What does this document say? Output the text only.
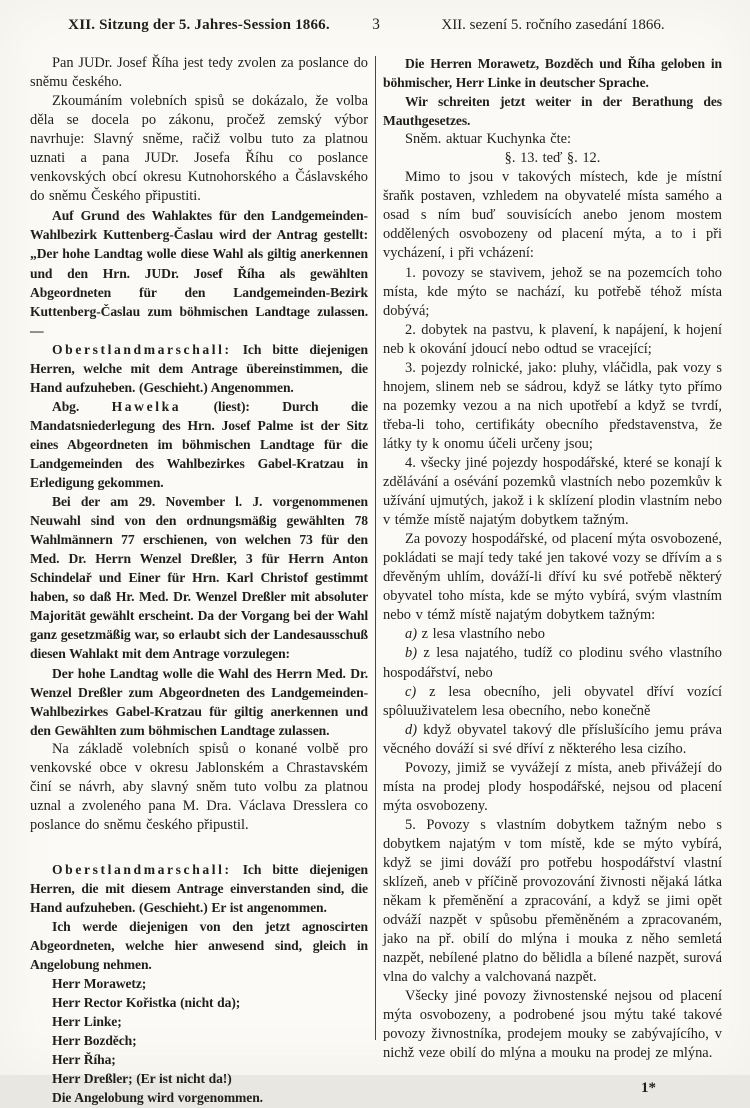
XII. Sitzung der 5. Jahres-Session 1866.	3	XII. sezení 5. ročního zasedání 1866.

Pan JUDr. Josef Říha jest tedy zvolen za poslance do sněmu českého.

Zkoumáním volebních spisů se dokázalo, že volba děla se docela po zákonu, pročež zemský výbor navrhuje: Slavný sněme, račiž volbu tuto za platnou uznati a pana JUDr. Josefa Říhu co poslance venkovských obcí okresu Kutnohorského a Čáslavského do sněmu Českého připustiti.

Auf Grund des Wahlaktes für den Landgemeinden-Wahlbezirk Kuttenberg-Časlau wird der Antrag gestellt: „Der hohe Landtag wolle diese Wahl als giltig anerkennen und den Hrn. JUDr. Josef Říha als gewählten Abgeordneten für den Landgemeinden-Bezirk Kuttenberg-Časlau zum böhmischen Landtage zulassen. —

Oberstlandmarschall: Ich bitte diejenigen Herren, welche mit dem Antrage übereinstimmen, die Hand aufzuheben. (Geschieht.) Angenommen.

Abg. Hawelka (liest): Durch die Mandatsniederlegung des Hrn. Josef Palme ist der Sitz eines Abgeordneten im böhmischen Landtage für die Landgemeinden des Wahlbezirkes Gabel-Kratzau in Erledigung gekommen.

Bei der am 29. November l. J. vorgenommenen Neuwahl sind von den ordnungsmäßig gewählten 78 Wahlmännern 77 erschienen, von welchen 73 für den Med. Dr. Herrn Wenzel Dreßler, 3 für Herrn Anton Schindelař und Einer für Hrn. Karl Christof gestimmt haben, so daß Hr. Med. Dr. Wenzel Dreßler mit absoluter Majorität gewählt erscheint. Da der Vorgang bei der Wahl ganz gesetzmäßig war, so erlaubt sich der Landesausschuß diesen Wahlakt mit dem Antrage vorzulegen:

Der hohe Landtag wolle die Wahl des Herrn Med. Dr. Wenzel Dreßler zum Abgeordneten des Landgemeinden-Wahlbezirkes Gabel-Kratzau für giltig anerkennen und den Gewählten zum böhmischen Landtage zulassen.

Na základě volebních spisů o konané volbě pro venkovské obce v okresu Jablonském a Chrastavském činí se návrh, aby slavný sněm tuto volbu za platnou uznal a zvoleného pana M. Dra. Václava Dresslera co poslance do sněmu českého připustil.

Oberstlandmarschall: Ich bitte diejenigen Herren, die mit diesem Antrage einverstanden sind, die Hand aufzuheben. (Geschieht.) Er ist angenommen.

Ich werde diejenigen von den jetzt agnoscirten Abgeordneten, welche hier anwesend sind, gleich in Angelobung nehmen.

Herr Morawetz;

Herr Rector Kořistka (nicht da);

Herr Linke;

Herr Bozděch;

Herr Říha;

Herr Dreßler; (Er ist nicht da!)

Die Angelobung wird vorgenommen.

Die Herren Morawetz, Bozděch und Říha geloben in böhmischer, Herr Linke in deutscher Sprache.

Wir schreiten jetzt weiter in der Berathung des Mauthgesetzes.

Sněm. aktuar Kuchynka čte:

§. 13. teď §. 12.

Mimo to jsou v takových místech, kde je místní šraňk postaven, vzhledem na obyvatelé místa samého a osad s ním buď souvisících anebo jenom mostem oddělených osvobozeny od placení mýta, a to i při vycházení, i při vcházení:

1. povozy se stavivem, jehož se na pozemcích toho místa, kde mýto se nachází, ku potřebě téhož místa dobývá;

2. dobytek na pastvu, k plavení, k napájení, k hojení neb k okování jdoucí nebo odtud se vracející;

3. pojezdy rolnické, jako: pluhy, vláčidla, pak vozy s hnojem, slinem neb se sádrou, když se látky tyto přímo na pozemky vezou a na nich upotřebí a když se tvrdí, třeba-li toho, certifikáty obecního představenstva, že látky ty k onomu účeli určeny jsou;

4. všecky jiné pojezdy hospodářské, které se konají k zdělávání a osévání pozemků vlastních nebo pozemkův k užívání ujmutých, jakož i k sklízení plodin vlastním nebo v témže místě najatým dobytkem tažným.

Za povozy hospodářské, od placení mýta osvobozené, pokládati se mají tedy také jen takové vozy se dřívím a s dřevěným uhlím, dováží-li dříví ku své potřebě některý obyvatel toho místa, kde se mýto vybírá, svým vlastním nebo v témž místě najatým dobytkem tažným:

a) z lesa vlastního nebo

b) z lesa najatého, tudíž co plodinu svého vlastního hospodářství, nebo

c) z lesa obecního, jeli obyvatel dříví vozící spôluuživatelem lesa obecního, nebo konečně

d) když obyvatel takový dle příslušícího jemu práva věcného dováží si své dříví z některého lesa cizího.

Povozy, jimiž se vyvážejí z místa, aneb přivážejí do místa na prodej plody hospodářské, nejsou od placení mýta osvobozeny.

5. Povozy s vlastním dobytkem tažným nebo s dobytkem najatým v tom místě, kde se mýto vybírá, když se jimi dováží pro potřebu hospodářství vlastní sklízeň, aneb v příčině provozování živnosti nějaká látka někam k přeměnění a zpracování, a když se jimi opět odváží nazpět v spůsobu přeměněném a zpracovaném, jako na př. obilí do mlýna i mouka z něho semletá nazpět, nebílené platno do bělidla a bílené nazpět, surová vlna do valchy a valchovaná nazpět.

Všecky jiné povozy živnostenské nejsou od placení mýta osvobozeny, a podrobené jsou mýtu také takové povozy živnostníka, prodejem mouky se zabývajícího, v nichž veze obilí do mlýna a mouku na prodej ze mlýna.

1*
